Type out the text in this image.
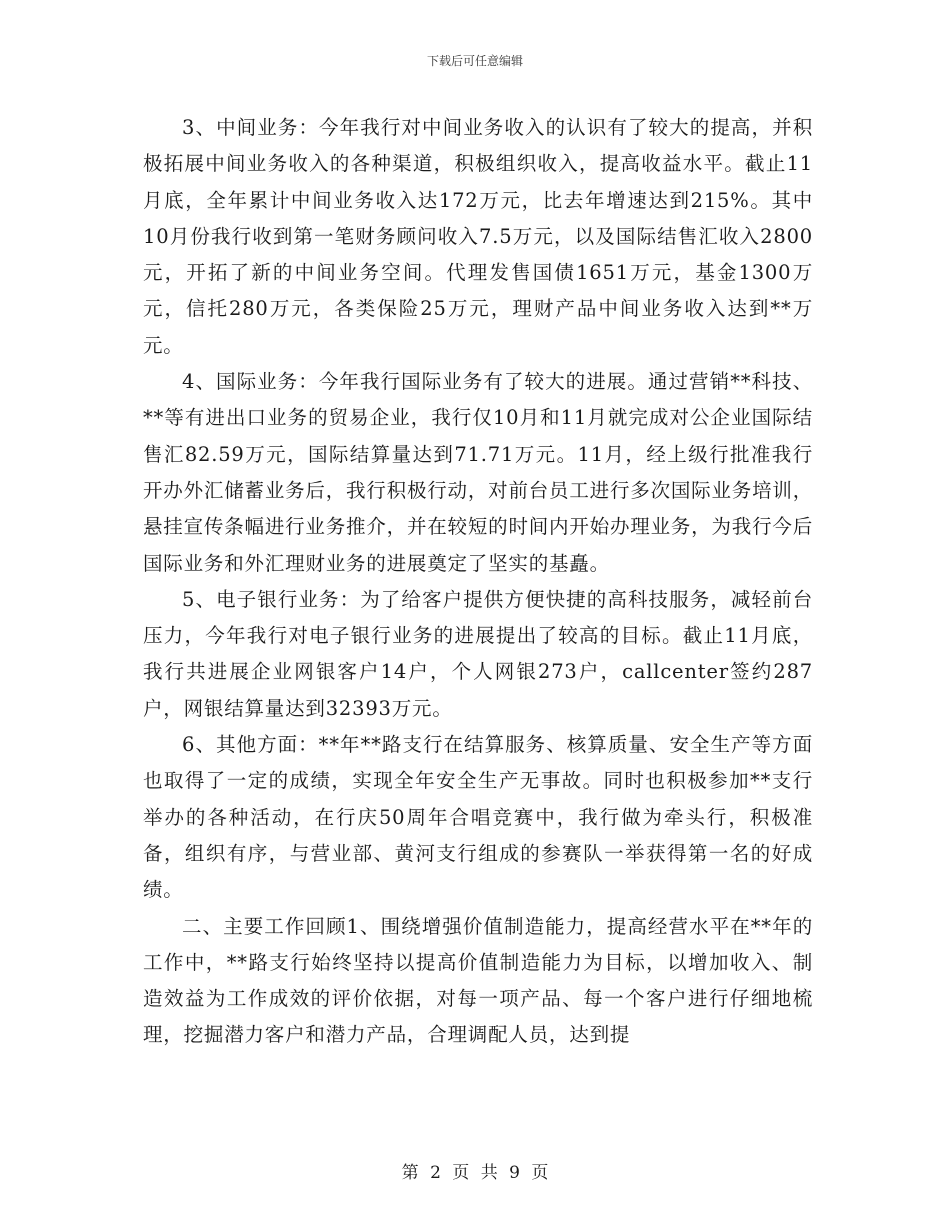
下载后可任意编辑

3、中间业务：今年我行对中间业务收入的认识有了较大的提高，并积极拓展中间业务收入的各种渠道，积极组织收入，提高收益水平。截止11月底，全年累计中间业务收入达172万元，比去年增速达到215%。其中10月份我行收到第一笔财务顾问收入7.5万元，以及国际结售汇收入2800元，开拓了新的中间业务空间。代理发售国债1651万元，基金1300万元，信托280万元，各类保险25万元，理财产品中间业务收入达到**万元。

4、国际业务：今年我行国际业务有了较大的进展。通过营销**科技、**等有进出口业务的贸易企业，我行仅10月和11月就完成对公企业国际结售汇82.59万元，国际结算量达到71.71万元。11月，经上级行批准我行开办外汇储蓄业务后，我行积极行动，对前台员工进行多次国际业务培训，悬挂宣传条幅进行业务推介，并在较短的时间内开始办理业务，为我行今后国际业务和外汇理财业务的进展奠定了坚实的基矗。

5、电子银行业务：为了给客户提供方便快捷的高科技服务，减轻前台压力，今年我行对电子银行业务的进展提出了较高的目标。截止11月底，我行共进展企业网银客户14户，个人网银273户，callcenter签约287户，网银结算量达到32393万元。

6、其他方面：**年**路支行在结算服务、核算质量、安全生产等方面也取得了一定的成绩，实现全年安全生产无事故。同时也积极参加**支行举办的各种活动，在行庆50周年合唱竞赛中，我行做为牵头行，积极准备，组织有序，与营业部、黄河支行组成的参赛队一举获得第一名的好成绩。

二、主要工作回顾1、围绕增强价值制造能力，提高经营水平在**年的工作中，**路支行始终坚持以提高价值制造能力为目标，以增加收入、制造效益为工作成效的评价依据，对每一项产品、每一个客户进行仔细地梳理，挖掘潜力客户和潜力产品，合理调配人员，达到提

第 2 页 共 9 页
